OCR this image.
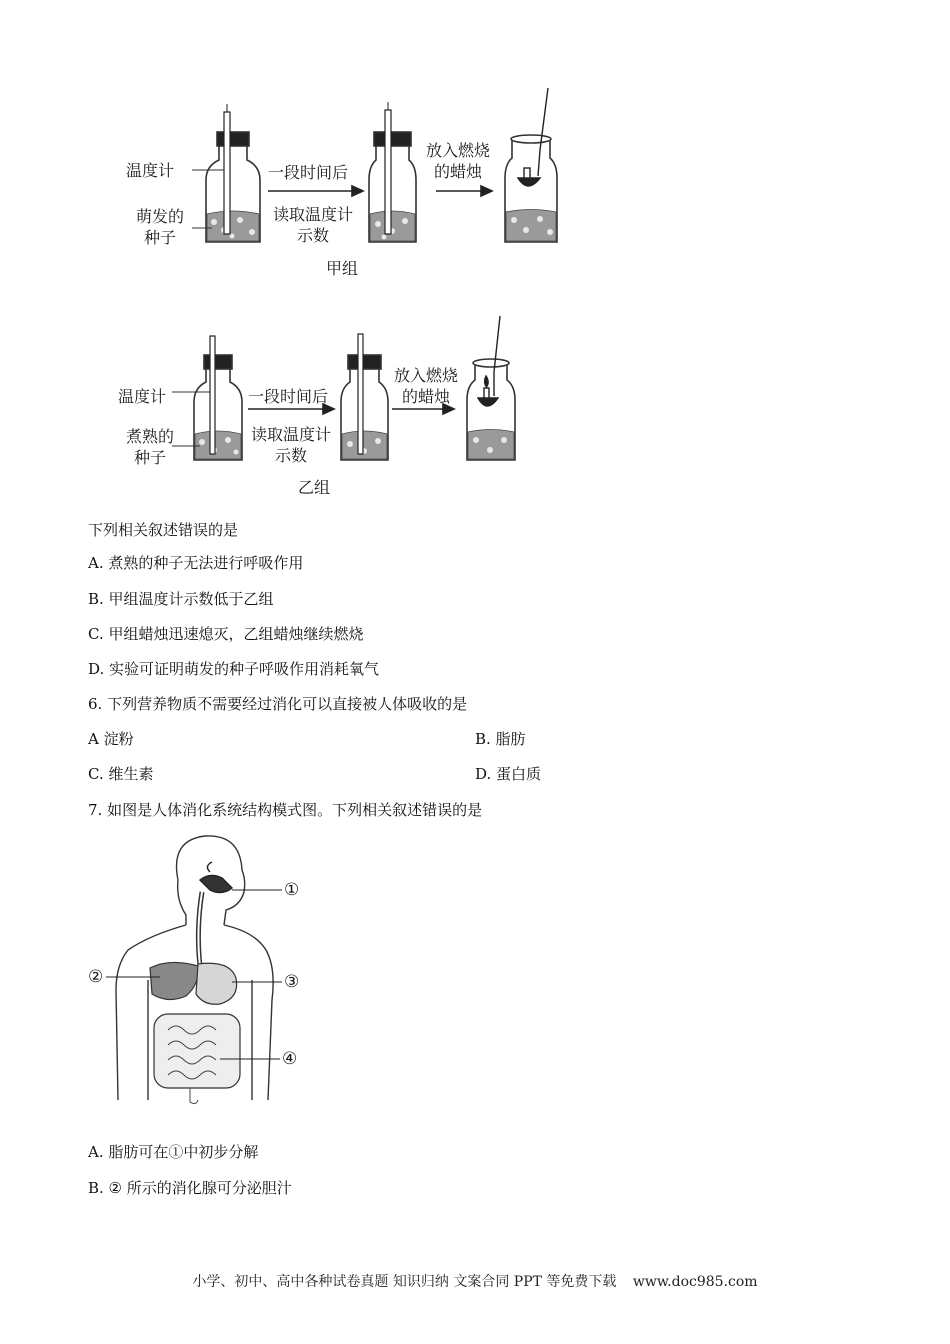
温度计
萌发的
种子
一段时间后
读取温度计
示数
放入燃烧
的蜡烛
甲组
温度计
煮熟的
种子
一段时间后
读取温度计
示数
放入燃烧
的蜡烛
乙组
下列相关叙述错误的是
A. 煮熟的种子无法进行呼吸作用
B. 甲组温度计示数低于乙组
C. 甲组蜡烛迅速熄灭，乙组蜡烛继续燃烧
D. 实验可证明萌发的种子呼吸作用消耗氧气
6. 下列营养物质不需要经过消化可以直接被人体吸收的是
A 淀粉	B. 脂肪
C. 维生素	D. 蛋白质
7. 如图是人体消化系统结构模式图。下列相关叙述错误的是
①
②	③
④
A. 脂肪可在①中初步分解
B. ② 所示的消化腺可分泌胆汁
小学、初中、高中各种试卷真题 知识归纳 文案合同 PPT 等免费下载 www.doc985.com
